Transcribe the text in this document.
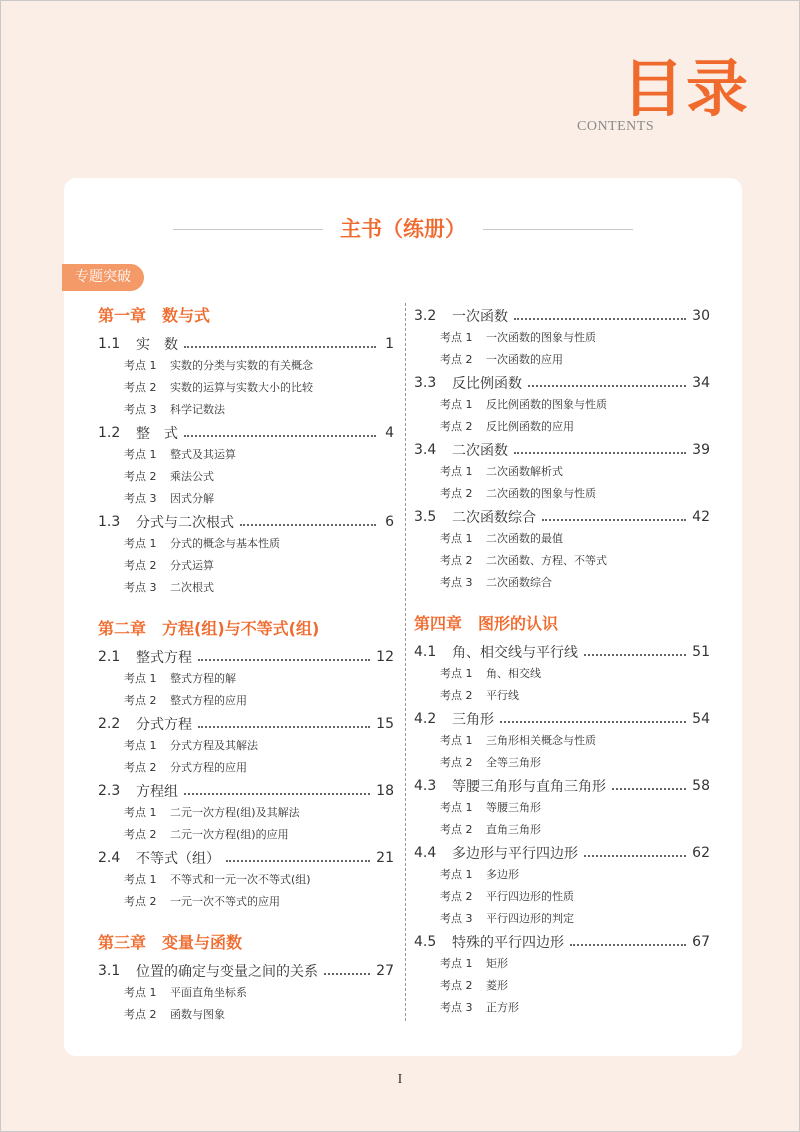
目录
CONTENTS
主书（练册）
专题突破
第一章　数与式
1.1	实　数	1
考点 1	实数的分类与实数的有关概念
考点 2	实数的运算与实数大小的比较
考点 3	科学记数法
1.2	整　式	4
考点 1	整式及其运算
考点 2	乘法公式
考点 3	因式分解
1.3	分式与二次根式	6
考点 1	分式的概念与基本性质
考点 2	分式运算
考点 3	二次根式
第二章　方程(组)与不等式(组)
2.1	整式方程	12
考点 1	整式方程的解
考点 2	整式方程的应用
2.2	分式方程	15
考点 1	分式方程及其解法
考点 2	分式方程的应用
2.3	方程组	18
考点 1	二元一次方程(组)及其解法
考点 2	二元一次方程(组)的应用
2.4	不等式（组）	21
考点 1	不等式和一元一次不等式(组)
考点 2	一元一次不等式的应用
第三章　变量与函数
3.1	位置的确定与变量之间的关系	27
考点 1	平面直角坐标系
考点 2	函数与图象
3.2	一次函数	30
考点 1	一次函数的图象与性质
考点 2	一次函数的应用
3.3	反比例函数	34
考点 1	反比例函数的图象与性质
考点 2	反比例函数的应用
3.4	二次函数	39
考点 1	二次函数解析式
考点 2	二次函数的图象与性质
3.5	二次函数综合	42
考点 1	二次函数的最值
考点 2	二次函数、方程、不等式
考点 3	二次函数综合
第四章　图形的认识
4.1	角、相交线与平行线	51
考点 1	角、相交线
考点 2	平行线
4.2	三角形	54
考点 1	三角形相关概念与性质
考点 2	全等三角形
4.3	等腰三角形与直角三角形	58
考点 1	等腰三角形
考点 2	直角三角形
4.4	多边形与平行四边形	62
考点 1	多边形
考点 2	平行四边形的性质
考点 3	平行四边形的判定
4.5	特殊的平行四边形	67
考点 1	矩形
考点 2	菱形
考点 3	正方形
I
